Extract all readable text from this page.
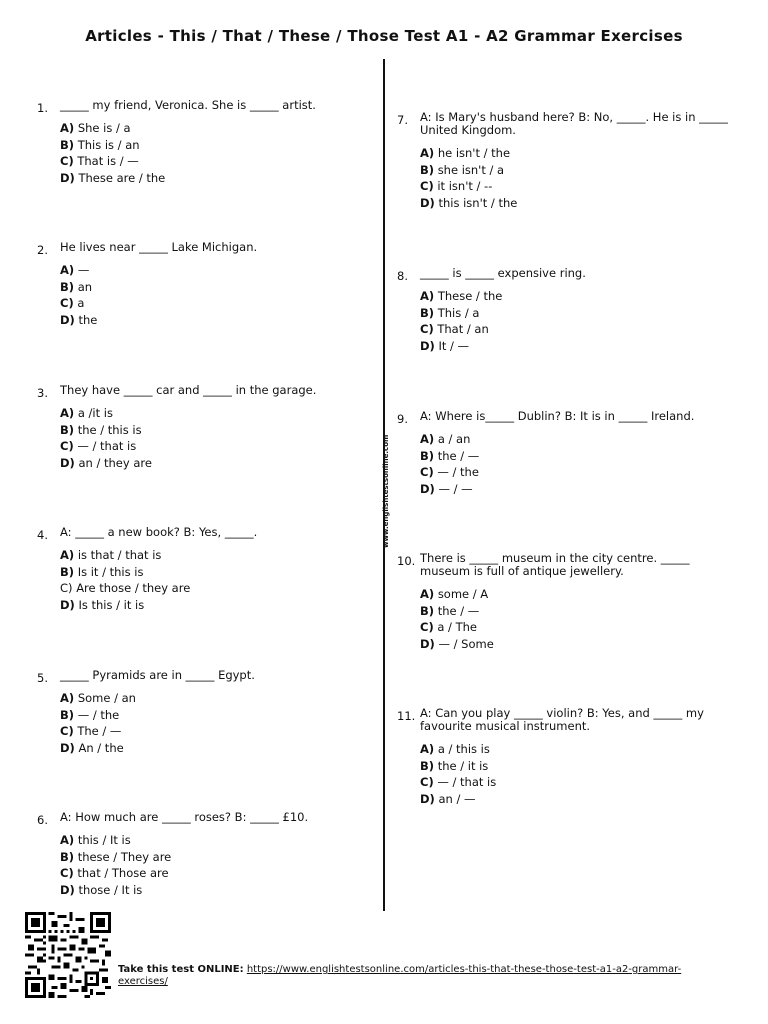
Articles - This / That / These / Those Test A1 - A2 Grammar Exercises
www.englishtestsonline.com
1. _____ my friend, Veronica. She is _____ artist.
A) She is / a
B) This is / an
C) That is / —
D) These are / the
2. He lives near _____ Lake Michigan.
A) —
B) an
C) a
D) the
3. They have _____ car and _____ in the garage.
A) a /it is
B) the / this is
C) — / that is
D) an / they are
4. A: _____ a new book? B: Yes, _____.
A) is that / that is
B) Is it / this is
C) Are those / they are
D) Is this / it is
5. _____ Pyramids are in _____ Egypt.
A) Some / an
B) — / the
C) The / —
D) An / the
6. A: How much are _____ roses? B: _____ £10.
A) this / It is
B) these / They are
C) that / Those are
D) those / It is
7. A: Is Mary's husband here? B: No, _____. He is in _____ United Kingdom.
A) he isn't / the
B) she isn't / a
C) it isn't / --
D) this isn't / the
8. _____ is _____ expensive ring.
A) These / the
B) This / a
C) That / an
D) It / —
9. A: Where is_____ Dublin? B: It is in _____ Ireland.
A) a / an
B) the / —
C) — / the
D) — / —
10. There is _____ museum in the city centre. _____ museum is full of antique jewellery.
A) some / A
B) the / —
C) a / The
D) — / Some
11. A: Can you play _____ violin? B: Yes, and _____ my favourite musical instrument.
A) a / this is
B) the / it is
C) — / that is
D) an / —
Take this test ONLINE: https://www.englishtestsonline.com/articles-this-that-these-those-test-a1-a2-grammar-exercises/
